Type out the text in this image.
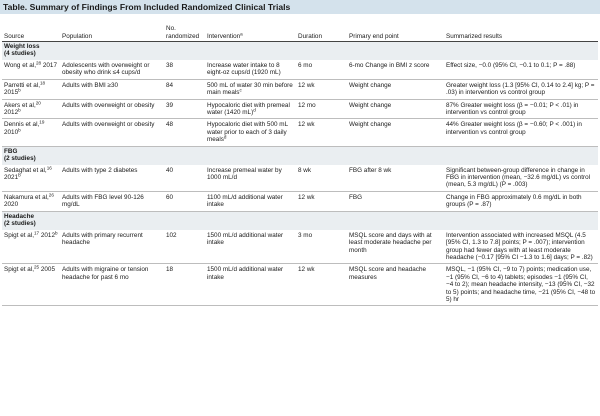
Table. Summary of Findings From Included Randomized Clinical Trials
Source	Population	No. randomized	Intervention$^a$	Duration	Primary end point	Summarized results
Weight loss
(4 studies)						
Wong et al,$^{28}$ 2017	Adolescents with overweight or obesity who drink ≤4 cups/d	38	Increase water intake to 8 eight-oz cups/d (1920 mL)	6 mo	6-mo Change in BMI z score	Effect size, −0.0 (95% CI, −0.1 to 0.1; P = .88)
Parretti et al,$^{18}$ 2015$^b$	Adults with BMI ≥30	84	500 mL of water 30 min before main meals$^c$	12 wk	Weight change	Greater weight loss (1.3 [95% CI, 0.14 to 2.4] kg; P = .03) in intervention vs control group
Akers et al,$^{20}$ 2012$^b$	Adults with overweight or obesity	39	Hypocaloric diet with premeal water (1420 mL)$^d$	12 mo	Weight change	87% Greater weight loss (β = −0.01; P < .01) in intervention vs control group
Dennis et al,$^{19}$ 2010$^b$	Adults with overweight or obesity	48	Hypocaloric diet with 500 mL water prior to each of 3 daily meals$^d$	12 wk	Weight change	44% Greater weight loss (β = −0.60; P < .001) in intervention vs control group
FBG
(2 studies)						
Sedaghat et al,$^{16}$ 2021$^b$	Adults with type 2 diabetes	40	Increase premeal water by 1000 mL/d	8 wk	FBG after 8 wk	Significant between-group difference in change in FBG in intervention (mean, −32.6 mg/dL) vs control (mean, 5.3 mg/dL) (P = .003)
Nakamura et al,$^{26}$ 2020	Adults with FBG level 90-126 mg/dL	60	1100 mL/d additional water intake	12 wk	FBG	Change in FBG approximately 0.6 mg/dL in both groups (P = .87)
Headache
(2 studies)						
Spigt et al,$^{17}$ 2012$^b$	Adults with primary recurrent headache	102	1500 mL/d additional water intake	3 mo	MSQL score and days with at least moderate headache per month	Intervention associated with increased MSQL (4.5 [95% CI, 1.3 to 7.8] points; P = .007); intervention group had fewer days with at least moderate headache (−0.17 [95% CI −1.3 to 1.6] days; P = .82)
Spigt et al,$^{25}$ 2005	Adults with migraine or tension headache for past 6 mo	18	1500 mL/d additional water intake	12 wk	MSQL score and headache measures	MSQL, −1 (95% CI, −9 to 7) points; medication use, −1 (95% CI, −6 to 4) tablets; episodes −1 (95% CI, −4 to 2); mean headache intensity, −13 (95% CI, −32 to 5) points; and headache time, −21 (95% CI, −48 to 5) hr
